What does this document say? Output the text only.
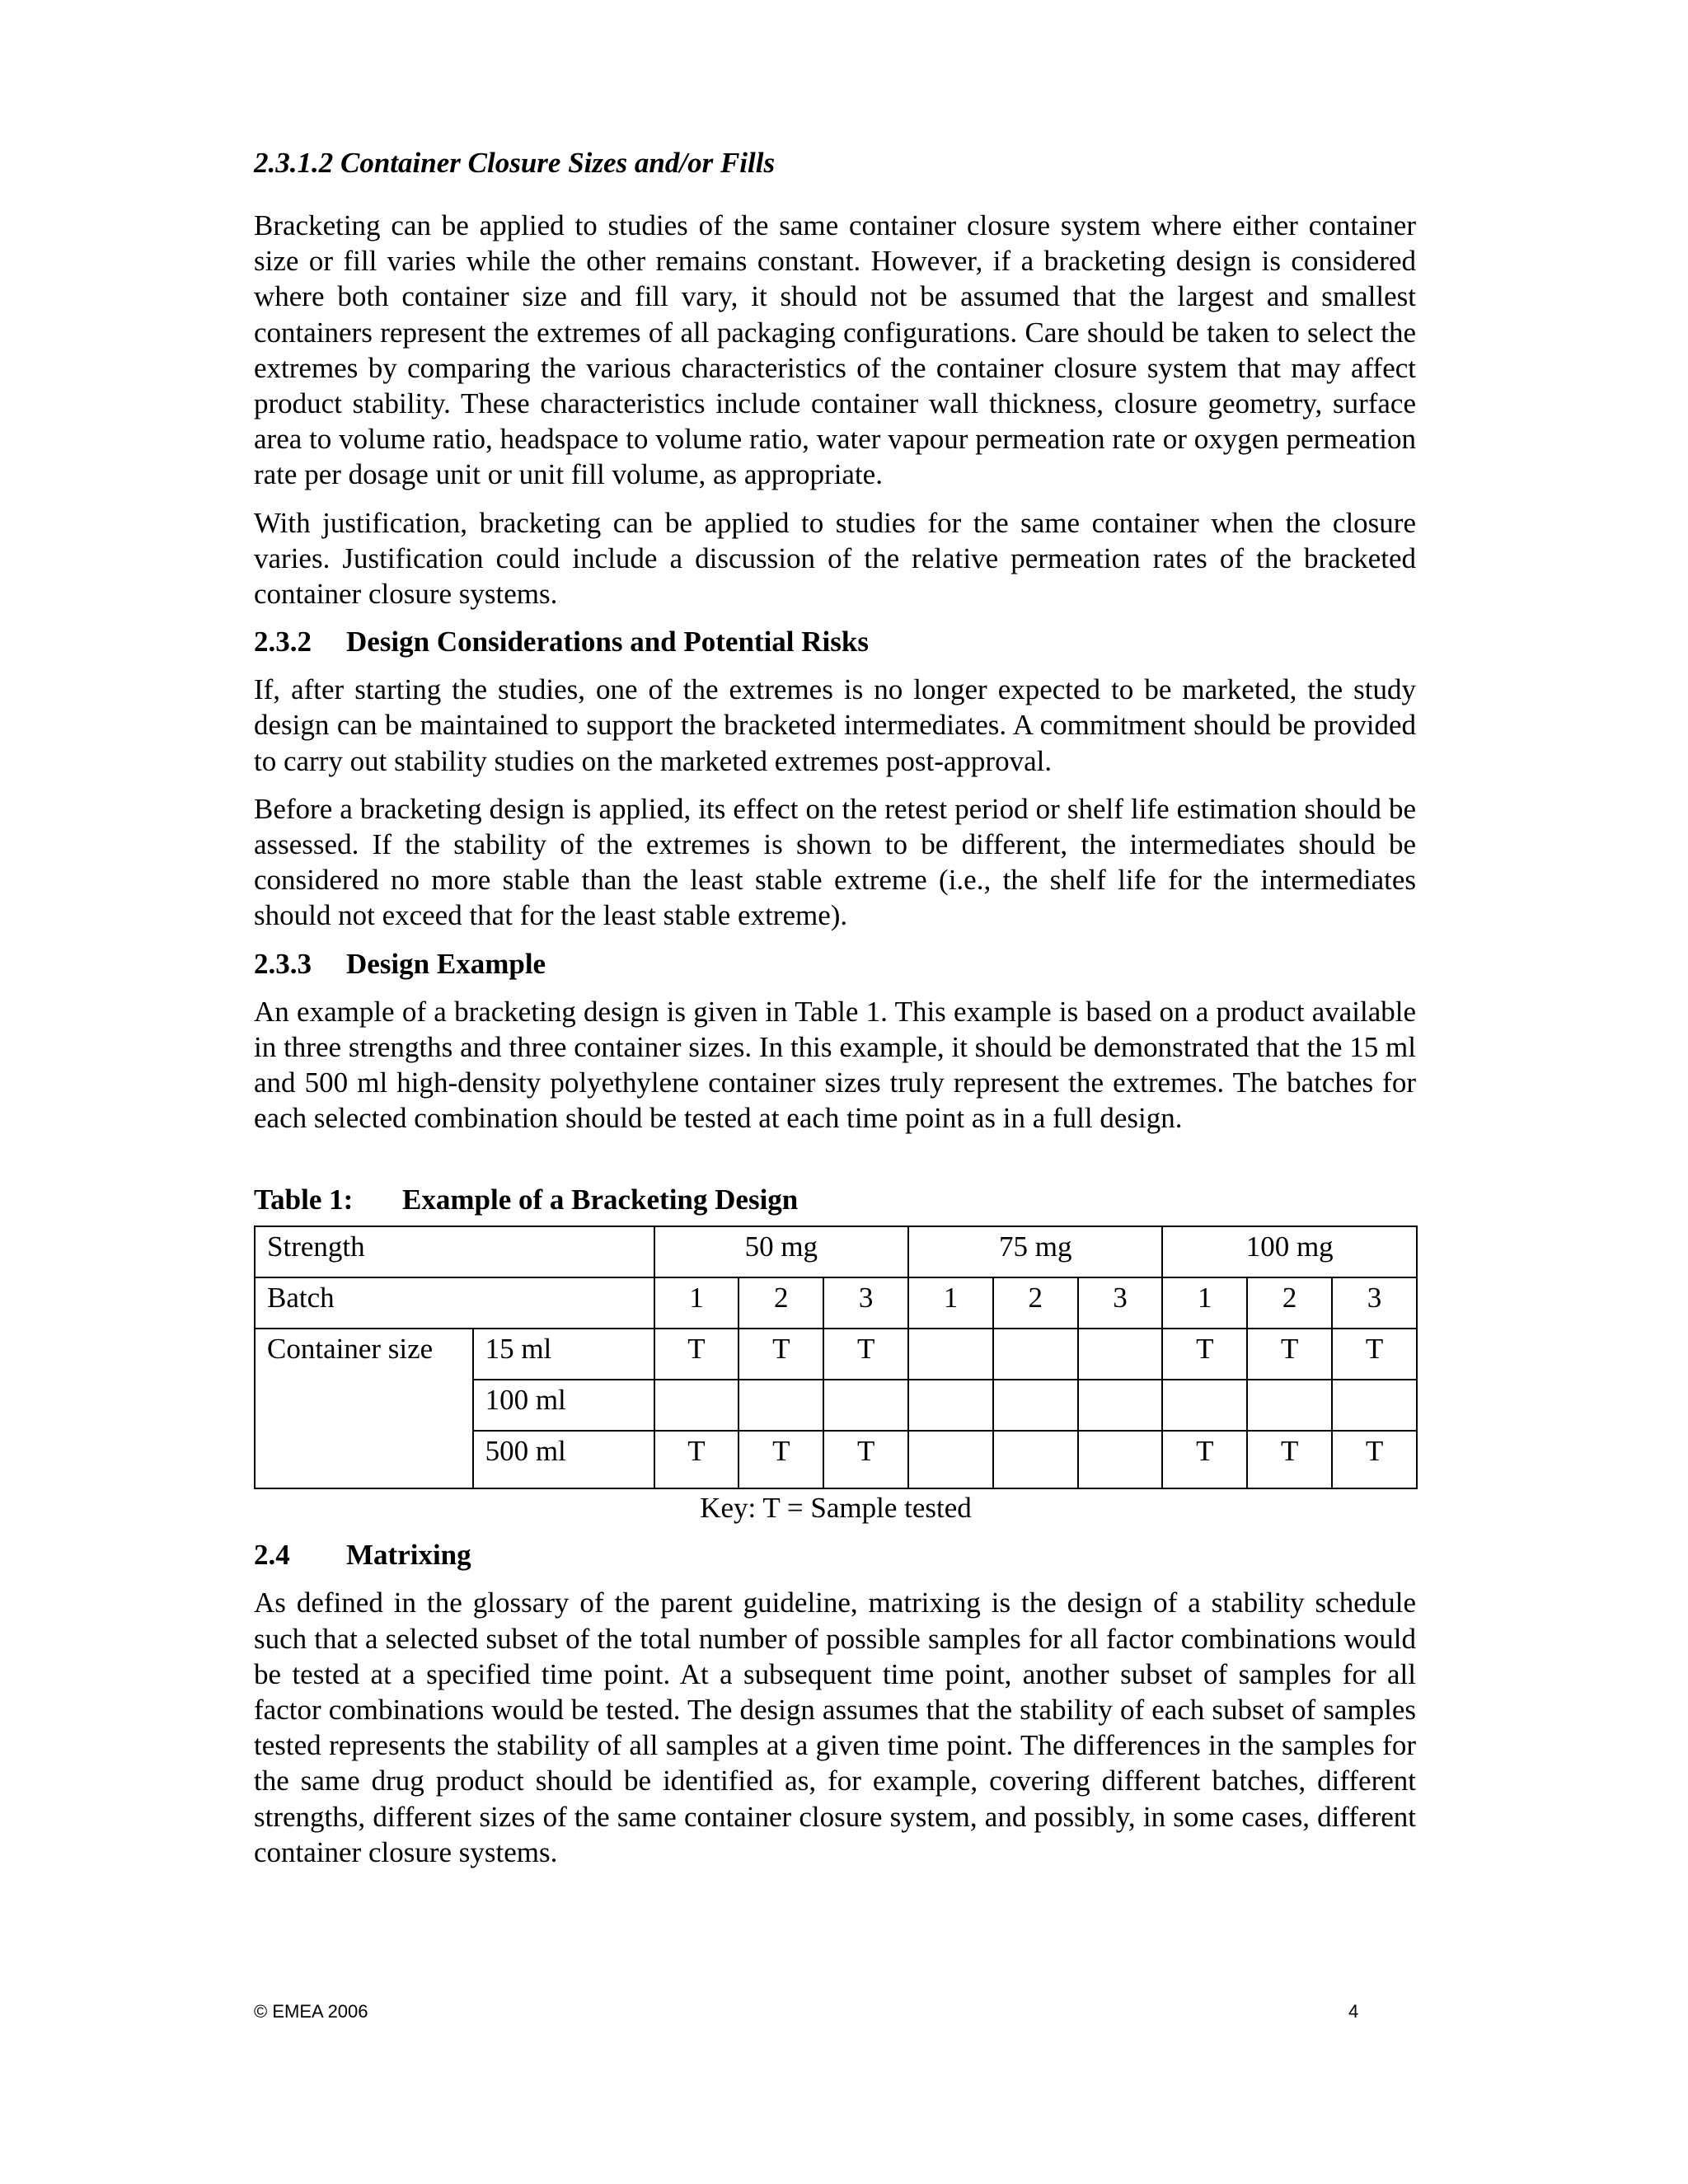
2.3.1.2 Container Closure Sizes and/or Fills

Bracketing can be applied to studies of the same container closure system where either container size or fill varies while the other remains constant. However, if a bracketing design is considered where both container size and fill vary, it should not be assumed that the largest and smallest containers represent the extremes of all packaging configurations. Care should be taken to select the extremes by comparing the various characteristics of the container closure system that may affect product stability. These characteristics include container wall thickness, closure geometry, surface area to volume ratio, headspace to volume ratio, water vapour permeation rate or oxygen permeation rate per dosage unit or unit fill volume, as appropriate.

With justification, bracketing can be applied to studies for the same container when the closure varies. Justification could include a discussion of the relative permeation rates of the bracketed container closure systems.

2.3.2 Design Considerations and Potential Risks

If, after starting the studies, one of the extremes is no longer expected to be marketed, the study design can be maintained to support the bracketed intermediates. A commitment should be provided to carry out stability studies on the marketed extremes post-approval.

Before a bracketing design is applied, its effect on the retest period or shelf life estimation should be assessed. If the stability of the extremes is shown to be different, the intermediates should be considered no more stable than the least stable extreme (i.e., the shelf life for the intermediates should not exceed that for the least stable extreme).

2.3.3 Design Example

An example of a bracketing design is given in Table 1. This example is based on a product available in three strengths and three container sizes. In this example, it should be demonstrated that the 15 ml and 500 ml high-density polyethylene container sizes truly represent the extremes. The batches for each selected combination should be tested at each time point as in a full design.

Table 1: Example of a Bracketing Design
Strength		50 mg			75 mg			100 mg		
Batch		1	2	3	1	2	3	1	2	3
Container size	15 ml	T	T	T				T	T	T
	100 ml									
	500 ml	T	T	T				T	T	T
Key: T = Sample tested
2.4 Matrixing

As defined in the glossary of the parent guideline, matrixing is the design of a stability schedule such that a selected subset of the total number of possible samples for all factor combinations would be tested at a specified time point. At a subsequent time point, another subset of samples for all factor combinations would be tested. The design assumes that the stability of each subset of samples tested represents the stability of all samples at a given time point. The differences in the samples for the same drug product should be identified as, for example, covering different batches, different strengths, different sizes of the same container closure system, and possibly, in some cases, different container closure systems.

© EMEA 2006	4
